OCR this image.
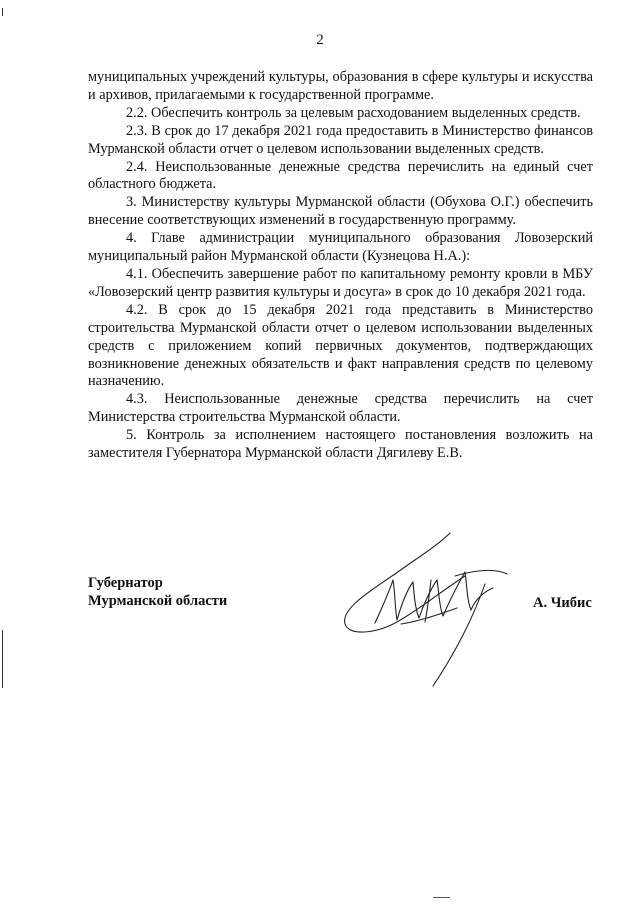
2

муниципальных учреждений культуры, образования в сфере культуры и искусства и архивов, прилагаемыми к государственной программе.

2.2. Обеспечить контроль за целевым расходованием выделенных средств.

2.3. В срок до 17 декабря 2021 года предоставить в Министерство финансов Мурманской области отчет о целевом использовании выделенных средств.

2.4. Неиспользованные денежные средства перечислить на единый счет областного бюджета.

3. Министерству культуры Мурманской области (Обухова О.Г.) обеспечить внесение соответствующих изменений в государственную программу.

4. Главе администрации муниципального образования Ловозерский муниципальный район Мурманской области (Кузнецова Н.А.):

4.1. Обеспечить завершение работ по капитальному ремонту кровли в МБУ «Ловозерский центр развития культуры и досуга» в срок до 10 декабря 2021 года.

4.2. В срок до 15 декабря 2021 года представить в Министерство строительства Мурманской области отчет о целевом использовании выделенных средств с приложением копий первичных документов, подтверждающих возникновение денежных обязательств и факт направления средств по целевому назначению.

4.3. Неиспользованные денежные средства перечислить на счет Министерства строительства Мурманской области.

5. Контроль за исполнением настоящего постановления возложить на заместителя Губернатора Мурманской области Дягилеву Е.В.

Губернатор
Мурманской области	А. Чибис
